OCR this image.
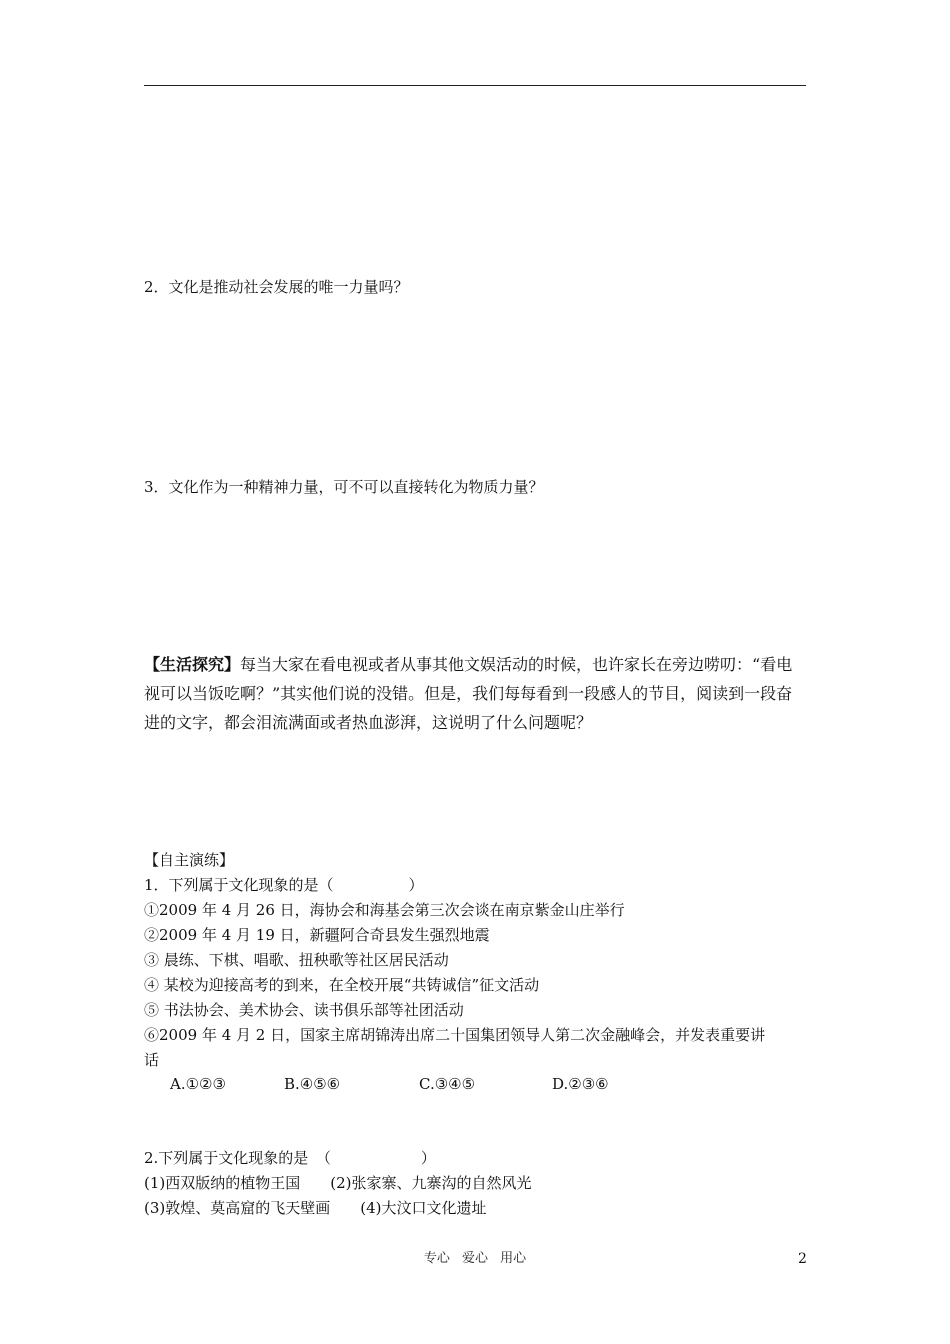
2．文化是推动社会发展的唯一力量吗？
3．文化作为一种精神力量，可不可以直接转化为物质力量？
【生活探究】每当大家在看电视或者从事其他文娱活动的时候，也许家长在旁边唠叨：“看电视可以当饭吃啊？”其实他们说的没错。但是，我们每每看到一段感人的节目，阅读到一段奋进的文字，都会泪流满面或者热血澎湃，这说明了什么问题呢？
【自主演练】
1．下列属于文化现象的是（　　　　　）
①2009 年 4 月 26 日，海协会和海基会第三次会谈在南京紫金山庄举行
②2009 年 4 月 19 日，新疆阿合奇县发生强烈地震
③ 晨练、下棋、唱歌、扭秧歌等社区居民活动
④ 某校为迎接高考的到来，在全校开展“共铸诚信”征文活动
⑤ 书法协会、美术协会、读书俱乐部等社团活动
⑥2009 年 4 月 2 日，国家主席胡锦涛出席二十国集团领导人第二次金融峰会，并发表重要讲
话
A.①②③	B.④⑤⑥	C.③④⑤	D.②③⑥
2.下列属于文化现象的是　（　　　　　　）
(1)西双版纳的植物王国　　(2)张家寨、九寨沟的自然风光
(3)敦煌、莫高窟的飞天壁画　　(4)大汶口文化遗址
专心 爱心 用心	2
